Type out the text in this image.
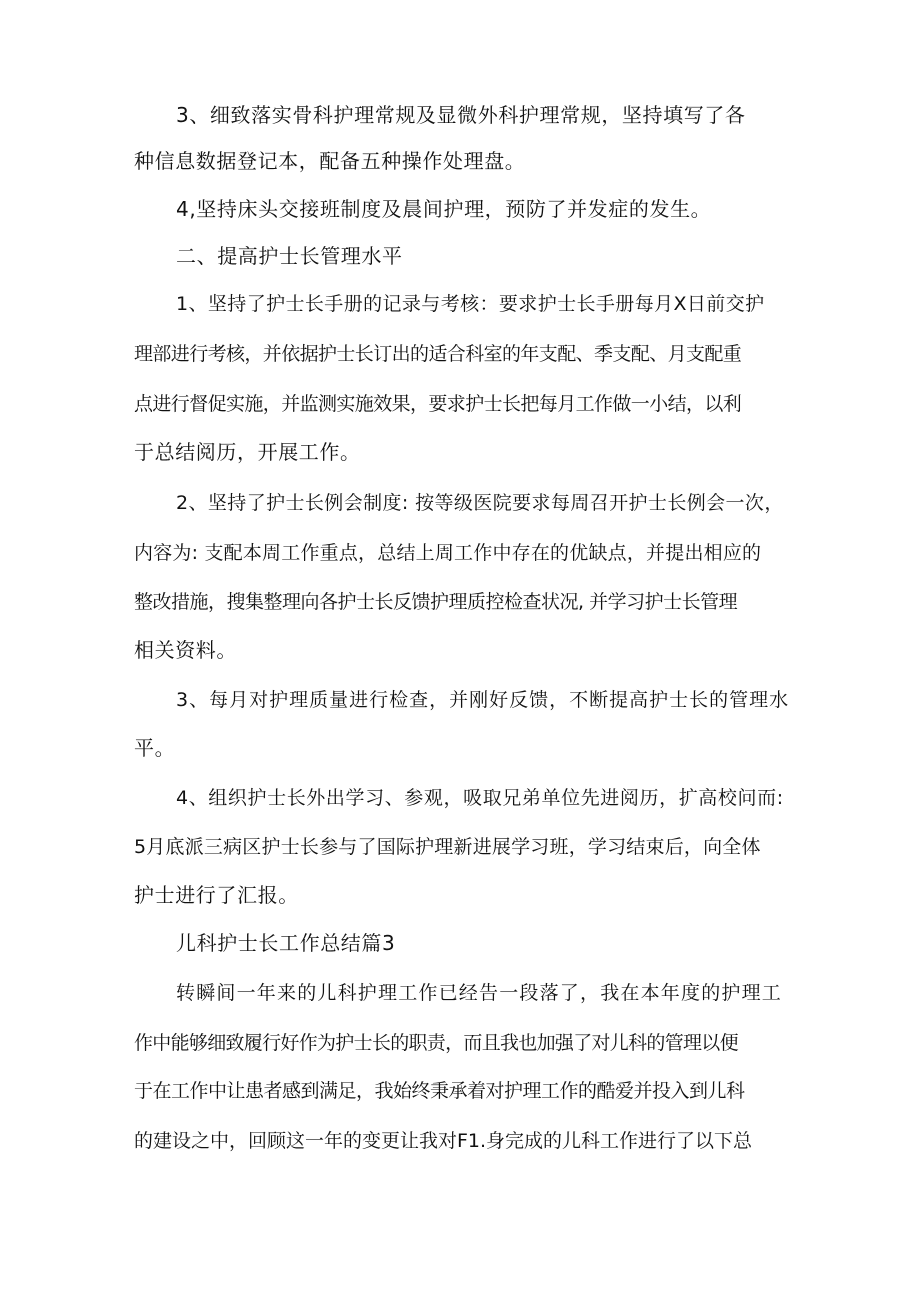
3、细致落实骨科护理常规及显微外科护理常规，坚持填写了各
种信息数据登记本，配备五种操作处理盘。
4,坚持床头交接班制度及晨间护理，预防了并发症的发生。
二、提高护士长管理水平
1、坚持了护士长手册的记录与考核：要求护士长手册每月X日前交护
理部进行考核，并依据护士长订出的适合科室的年支配、季支配、月支配重
点进行督促实施，并监测实施效果，要求护士长把每月工作做一小结，以利
于总结阅历，开展工作。
2、坚持了护士长例会制度: 按等级医院要求每周召开护士长例会一次，
内容为: 支配本周工作重点，总结上周工作中存在的优缺点，并提出相应的
整改措施，搜集整理向各护士长反馈护理质控检查状况, 并学习护士长管理
相关资料。
3、每月对护理质量进行检查，并刚好反馈，不断提高护士长的管理水
平。
4、组织护士长外出学习、参观，吸取兄弟单位先进阅历，扩高校问而:
5月底派三病区护士长参与了国际护理新进展学习班，学习结束后，向全体
护士进行了汇报。
儿科护士长工作总结篇3
转瞬间一年来的儿科护理工作已经告一段落了，我在本年度的护理工
作中能够细致履行好作为护士长的职责，而且我也加强了对儿科的管理以便
于在工作中让患者感到满足，我始终秉承着对护理工作的酷爱并投入到儿科
的建设之中，回顾这一年的变更让我对F1.身完成的儿科工作进行了以下总
